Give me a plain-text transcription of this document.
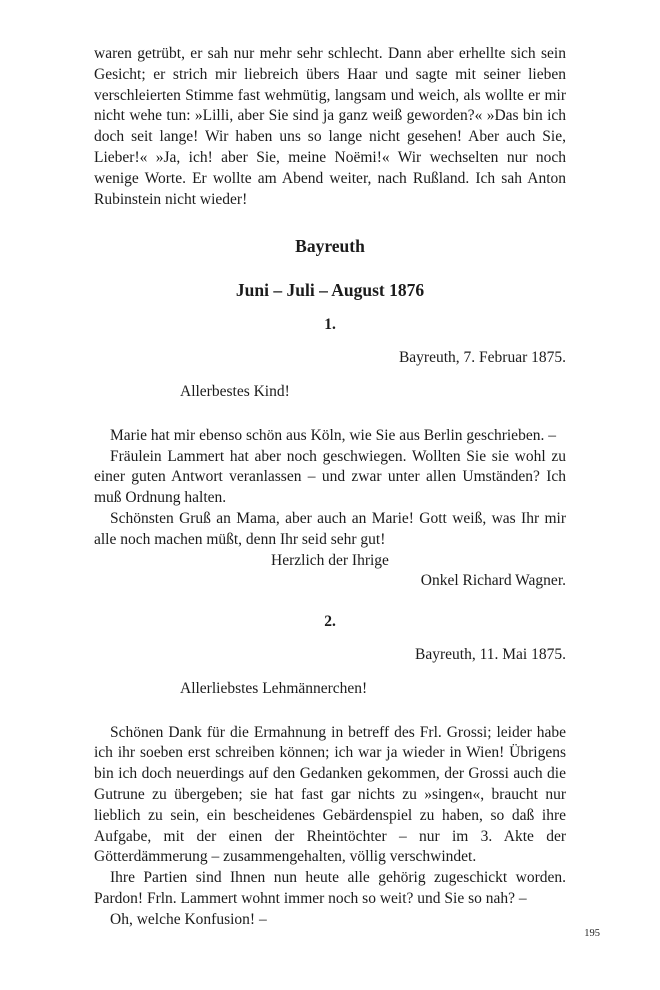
waren getrübt, er sah nur mehr sehr schlecht. Dann aber erhellte sich sein Gesicht; er strich mir liebreich übers Haar und sagte mit seiner lieben verschleierten Stimme fast wehmütig, langsam und weich, als wollte er mir nicht wehe tun: »Lilli, aber Sie sind ja ganz weiß geworden?« »Das bin ich doch seit lange! Wir haben uns so lange nicht gesehen! Aber auch Sie, Lieber!« »Ja, ich! aber Sie, meine Noëmi!« Wir wechselten nur noch wenige Worte. Er wollte am Abend weiter, nach Rußland. Ich sah Anton Rubinstein nicht wieder!

Bayreuth
Juni – Juli – August 1876
1.
Bayreuth, 7. Februar 1875.
Allerbestes Kind!

Marie hat mir ebenso schön aus Köln, wie Sie aus Berlin geschrieben. –

Fräulein Lammert hat aber noch geschwiegen. Wollten Sie sie wohl zu einer guten Antwort veranlassen – und zwar unter allen Umständen? Ich muß Ordnung halten.

Schönsten Gruß an Mama, aber auch an Marie! Gott weiß, was Ihr mir alle noch machen müßt, denn Ihr seid sehr gut!

Herzlich der Ihrige
Onkel Richard Wagner.
2.
Bayreuth, 11. Mai 1875.
Allerliebstes Lehmännerchen!

Schönen Dank für die Ermahnung in betreff des Frl. Grossi; leider habe ich ihr soeben erst schreiben können; ich war ja wieder in Wien! Übrigens bin ich doch neuerdings auf den Gedanken gekommen, der Grossi auch die Gutrune zu übergeben; sie hat fast gar nichts zu »singen«, braucht nur lieblich zu sein, ein bescheidenes Gebärdenspiel zu haben, so daß ihre Aufgabe, mit der einen der Rheintöchter – nur im 3. Akte der Götterdämmerung – zusammengehalten, völlig verschwindet.

Ihre Partien sind Ihnen nun heute alle gehörig zugeschickt worden. Pardon! Frln. Lammert wohnt immer noch so weit? und Sie so nah? –

Oh, welche Konfusion! –

195
